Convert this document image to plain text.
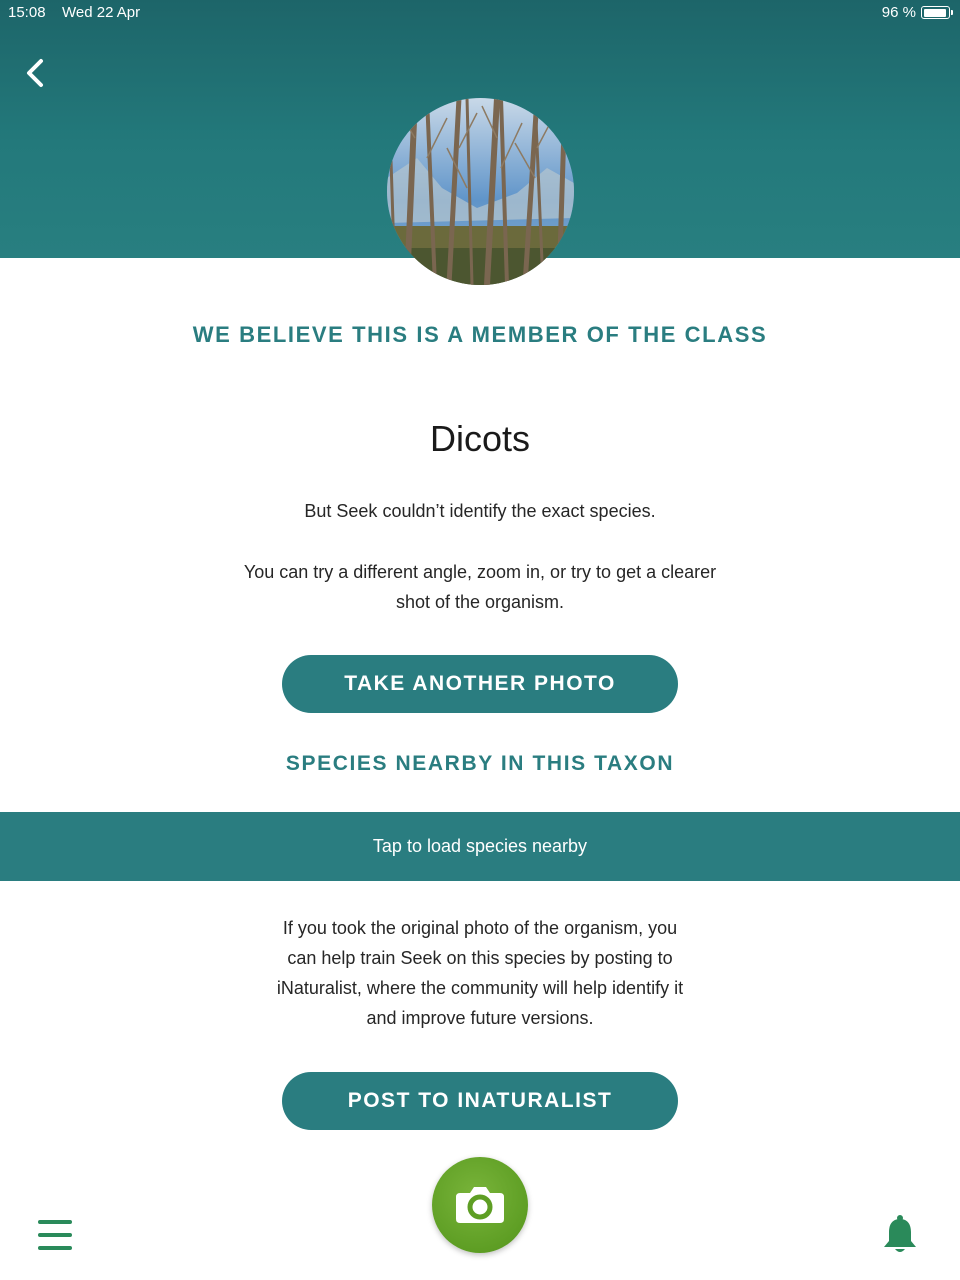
15:08 Wed 22 Apr	96 %
WE BELIEVE THIS IS A MEMBER OF THE CLASS
Dicots
But Seek couldn’t identify the exact species.
You can try a different angle, zoom in, or try to get a clearer shot of the organism.
TAKE ANOTHER PHOTO
SPECIES NEARBY IN THIS TAXON
Tap to load species nearby
If you took the original photo of the organism, you can help train Seek on this species by posting to iNaturalist, where the community will help identify it and improve future versions.
POST TO INATURALIST
